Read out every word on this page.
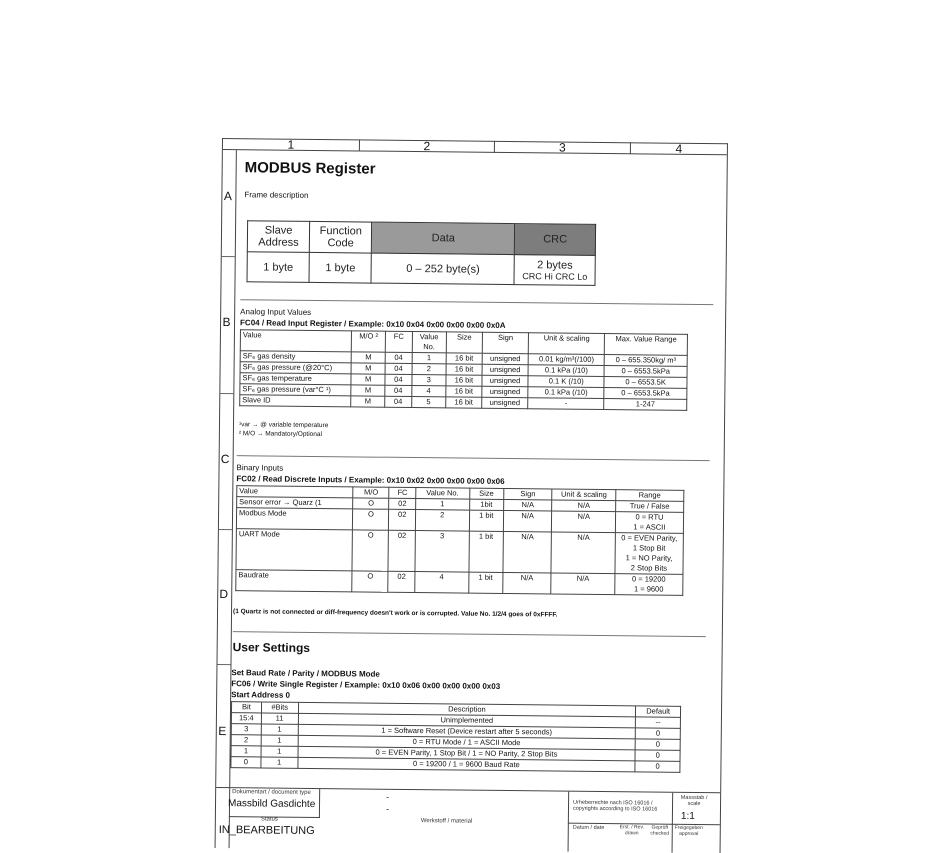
1	2	3	4
A
B
C
D
E
MODBUS Register
Frame description
Slave Address	Function Code	Data	CRC
1 byte	1 byte	0 – 252 byte(s)	2 bytes
CRC Hi CRC Lo
Analog Input Values
FC04 / Read Input Register / Example: 0x10 0x04 0x00 0x00 0x00 0x0A
Value	M/O ²	FC	Value No.	Size	Sign	Unit & scaling	Max. Value Range
SF₆ gas density	M	04	1	16 bit	unsigned	0.01 kg/m³(/100)	0 – 655.350kg/ m³
SF₆ gas pressure (@20°C)	M	04	2	16 bit	unsigned	0.1 kPa (/10)	0 – 6553.5kPa
SF₆ gas temperature	M	04	3	16 bit	unsigned	0.1 K (/10)	0 – 6553.5K
SF₆ gas pressure (var°C ¹)	M	04	4	16 bit	unsigned	0.1 kPa (/10)	0 – 6553.5kPa
Slave ID	M	04	5	16 bit	unsigned	-	1-247
¹var → @ variable temperature
² M/O → Mandatory/Optional
Binary Inputs
FC02 / Read Discrete Inputs / Example: 0x10 0x02 0x00 0x00 0x00 0x06
Value	M/O	FC	Value No.	Size	Sign	Unit & scaling	Range
Sensor error → Quarz (1	O	02	1	1bit	N/A	N/A	True / False
Modbus Mode	O	02	2	1 bit	N/A	N/A	0 = RTU
1 = ASCII
UART Mode	O	02	3	1 bit	N/A	N/A	0 = EVEN Parity,
1 Stop Bit
1 = NO Parity,
2 Stop Bits
Baudrate	O	02	4	1 bit	N/A	N/A	0 = 19200
1 = 9600
(1 Quartz is not connected or diff-frequency doesn't work or is corrupted. Value No. 1/2/4 goes of 0xFFFF.
User Settings
Set Baud Rate / Parity / MODBUS Mode
FC06 / Write Single Register / Example: 0x10 0x06 0x00 0x00 0x00 0x03
Start Address 0
Bit	#Bits	Description	Default
15:4	11	Unimplemented	--
3	1	1 = Software Reset (Device restart after 5 seconds)	0
2	1	0 = RTU Mode / 1 = ASCII Mode	0
1	1	0 = EVEN Parity, 1 Stop Bit / 1 = NO Parity, 2 Stop Bits	0
0	1	0 = 19200 / 1 = 9600 Baud Rate	0
Dokumentart / document type
Massbild Gasdichte
-
-
Status
IN_BEARBEITUNG
Werkstoff / material
Urheberrechte nach ISO 16016 / copyrights according to ISO 16016
Massstab / scale
1:1
Datum / date	Erst. / Rev. drawn
Geprüft checked
Freigegeben approval
